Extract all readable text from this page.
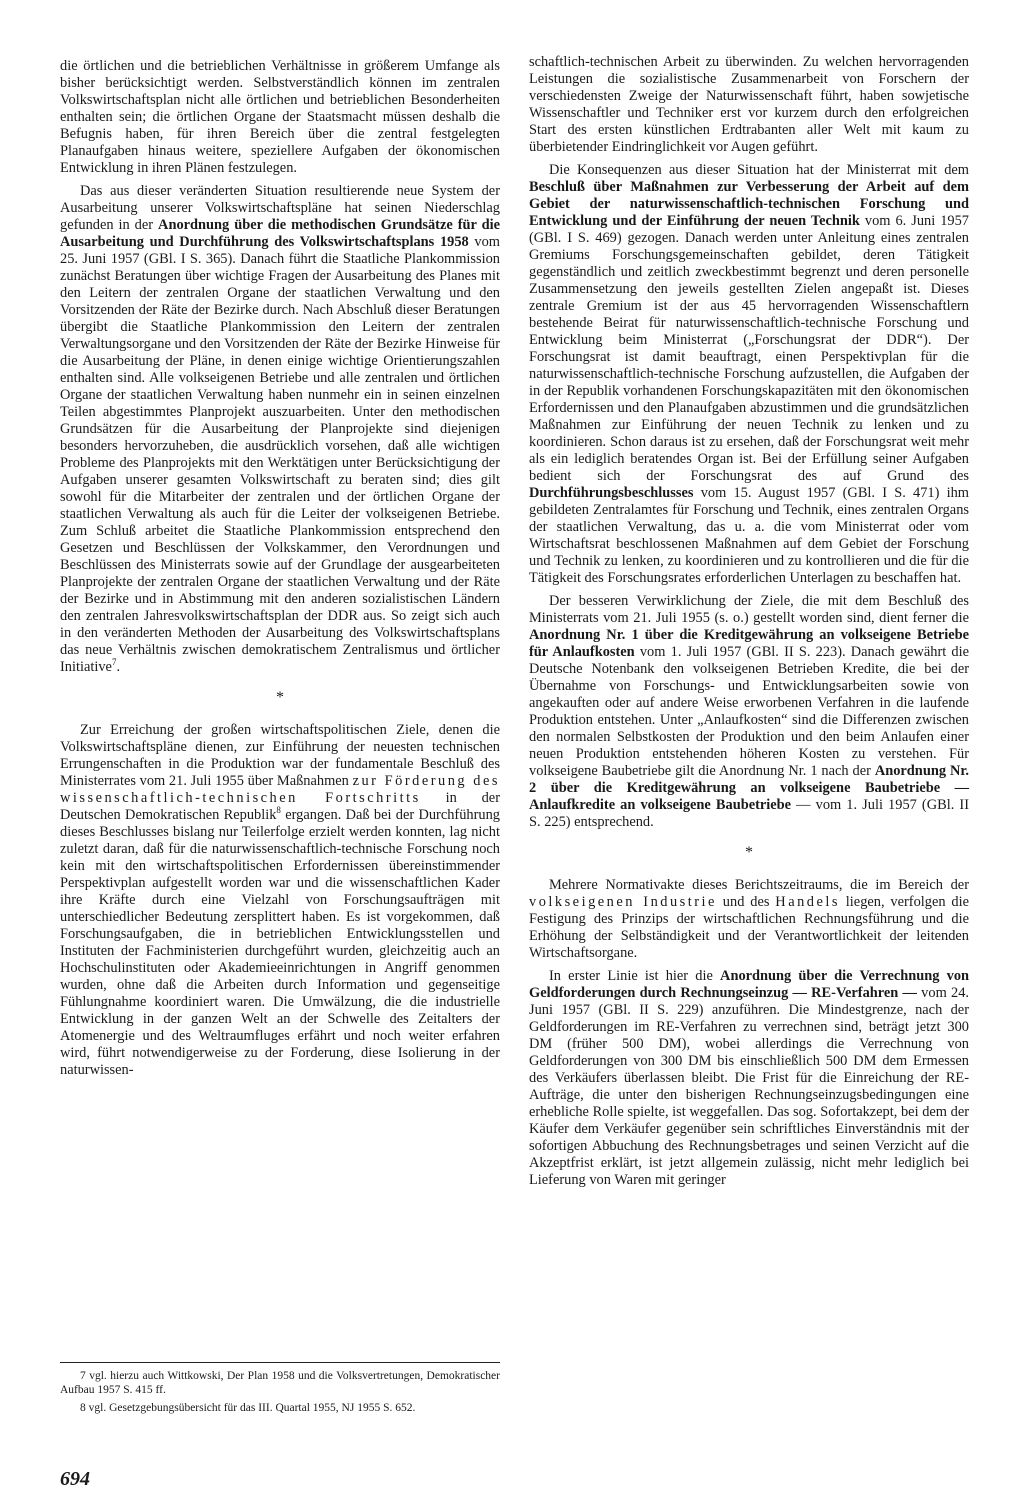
die örtlichen und die betrieblichen Verhältnisse in größerem Umfange als bisher berücksichtigt werden. Selbstverständlich können im zentralen Volkswirtschaftsplan nicht alle örtlichen und betrieblichen Besonderheiten enthalten sein; die örtlichen Organe der Staatsmacht müssen deshalb die Befugnis haben, für ihren Bereich über die zentral festgelegten Planaufgaben hinaus weitere, speziellere Aufgaben der ökonomischen Entwicklung in ihren Plänen festzulegen.

Das aus dieser veränderten Situation resultierende neue System der Ausarbeitung unserer Volkswirtschaftspläne hat seinen Niederschlag gefunden in der Anordnung über die methodischen Grundsätze für die Ausarbeitung und Durchführung des Volkswirtschaftsplans 1958 vom 25. Juni 1957 (GBl. I S. 365). Danach führt die Staatliche Plankommission zunächst Beratungen über wichtige Fragen der Ausarbeitung des Planes mit den Leitern der zentralen Organe der staatlichen Verwaltung und den Vorsitzenden der Räte der Bezirke durch. Nach Abschluß dieser Beratungen übergibt die Staatliche Plankommission den Leitern der zentralen Verwaltungsorgane und den Vorsitzenden der Räte der Bezirke Hinweise für die Ausarbeitung der Pläne, in denen einige wichtige Orientierungszahlen enthalten sind. Alle volkseigenen Betriebe und alle zentralen und örtlichen Organe der staatlichen Verwaltung haben nunmehr ein in seinen einzelnen Teilen abgestimmtes Planprojekt auszuarbeiten. Unter den methodischen Grundsätzen für die Ausarbeitung der Planprojekte sind diejenigen besonders hervorzuheben, die ausdrücklich vorsehen, daß alle wichtigen Probleme des Planprojekts mit den Werktätigen unter Berücksichtigung der Aufgaben unserer gesamten Volkswirtschaft zu beraten sind; dies gilt sowohl für die Mitarbeiter der zentralen und der örtlichen Organe der staatlichen Verwaltung als auch für die Leiter der volkseigenen Betriebe. Zum Schluß arbeitet die Staatliche Plankommission entsprechend den Gesetzen und Beschlüssen der Volkskammer, den Verordnungen und Beschlüssen des Ministerrats sowie auf der Grundlage der ausgearbeiteten Planprojekte der zentralen Organe der staatlichen Verwaltung und der Räte der Bezirke und in Abstimmung mit den anderen sozialistischen Ländern den zentralen Jahresvolkswirtschaftsplan der DDR aus. So zeigt sich auch in den veränderten Methoden der Ausarbeitung des Volkswirtschaftsplans das neue Verhältnis zwischen demokratischem Zentralismus und örtlicher Initiative$^7$.

*

Zur Erreichung der großen wirtschaftspolitischen Ziele, denen die Volkswirtschaftspläne dienen, zur Einführung der neuesten technischen Errungenschaften in die Produktion war der fundamentale Beschluß des Ministerrates vom 21. Juli 1955 über Maßnahmen zur Förderung des wissenschaftlich-technischen Fortschritts in der Deutschen Demokratischen Republik$^8$ ergangen. Daß bei der Durchführung dieses Beschlusses bislang nur Teilerfolge erzielt werden konnten, lag nicht zuletzt daran, daß für die naturwissenschaftlich-technische Forschung noch kein mit den wirtschaftspolitischen Erfordernissen übereinstimmender Perspektivplan aufgestellt worden war und die wissenschaftlichen Kader ihre Kräfte durch eine Vielzahl von Forschungsaufträgen mit unterschiedlicher Bedeutung zersplittert haben. Es ist vorgekommen, daß Forschungsaufgaben, die in betrieblichen Entwicklungsstellen und Instituten der Fachministerien durchgeführt wurden, gleichzeitig auch an Hochschulinstituten oder Akademieeinrichtungen in Angriff genommen wurden, ohne daß die Arbeiten durch Information und gegenseitige Fühlungnahme koordiniert waren. Die Umwälzung, die die industrielle Entwicklung in der ganzen Welt an der Schwelle des Zeitalters der Atomenergie und des Weltraumfluges erfährt und noch weiter erfahren wird, führt notwendigerweise zu der Forderung, diese Isolierung in der naturwissen-

schaftlich-technischen Arbeit zu überwinden. Zu welchen hervorragenden Leistungen die sozialistische Zusammenarbeit von Forschern der verschiedensten Zweige der Naturwissenschaft führt, haben sowjetische Wissenschaftler und Techniker erst vor kurzem durch den erfolgreichen Start des ersten künstlichen Erdtrabanten aller Welt mit kaum zu überbietender Eindringlichkeit vor Augen geführt.

Die Konsequenzen aus dieser Situation hat der Ministerrat mit dem Beschluß über Maßnahmen zur Verbesserung der Arbeit auf dem Gebiet der naturwissenschaftlich-technischen Forschung und Entwicklung und der Einführung der neuen Technik vom 6. Juni 1957 (GBl. I S. 469) gezogen. Danach werden unter Anleitung eines zentralen Gremiums Forschungsgemeinschaften gebildet, deren Tätigkeit gegenständlich und zeitlich zweckbestimmt begrenzt und deren personelle Zusammensetzung den jeweils gestellten Zielen angepaßt ist. Dieses zentrale Gremium ist der aus 45 hervorragenden Wissenschaftlern bestehende Beirat für naturwissenschaftlich-technische Forschung und Entwicklung beim Ministerrat („Forschungsrat der DDR“). Der Forschungsrat ist damit beauftragt, einen Perspektivplan für die naturwissenschaftlich-technische Forschung aufzustellen, die Aufgaben der in der Republik vorhandenen Forschungskapazitäten mit den ökonomischen Erfordernissen und den Planaufgaben abzustimmen und die grundsätzlichen Maßnahmen zur Einführung der neuen Technik zu lenken und zu koordinieren. Schon daraus ist zu ersehen, daß der Forschungsrat weit mehr als ein lediglich beratendes Organ ist. Bei der Erfüllung seiner Aufgaben bedient sich der Forschungsrat des auf Grund des Durchführungsbeschlusses vom 15. August 1957 (GBl. I S. 471) ihm gebildeten Zentralamtes für Forschung und Technik, eines zentralen Organs der staatlichen Verwaltung, das u. a. die vom Ministerrat oder vom Wirtschaftsrat beschlossenen Maßnahmen auf dem Gebiet der Forschung und Technik zu lenken, zu koordinieren und zu kontrollieren und die für die Tätigkeit des Forschungsrates erforderlichen Unterlagen zu beschaffen hat.

Der besseren Verwirklichung der Ziele, die mit dem Beschluß des Ministerrats vom 21. Juli 1955 (s. o.) gestellt worden sind, dient ferner die Anordnung Nr. 1 über die Kreditgewährung an volkseigene Betriebe für Anlaufkosten vom 1. Juli 1957 (GBl. II S. 223). Danach gewährt die Deutsche Notenbank den volkseigenen Betrieben Kredite, die bei der Übernahme von Forschungs- und Entwicklungsarbeiten sowie von angekauften oder auf andere Weise erworbenen Verfahren in die laufende Produktion entstehen. Unter „Anlaufkosten“ sind die Differenzen zwischen den normalen Selbstkosten der Produktion und den beim Anlaufen einer neuen Produktion entstehenden höheren Kosten zu verstehen. Für volkseigene Baubetriebe gilt die Anordnung Nr. 1 nach der Anordnung Nr. 2 über die Kreditgewährung an volkseigene Baubetriebe — Anlaufkredite an volkseigene Baubetriebe — vom 1. Juli 1957 (GBl. II S. 225) entsprechend.

*

Mehrere Normativakte dieses Berichtszeitraums, die im Bereich der volkseigenen Industrie und des Handels liegen, verfolgen die Festigung des Prinzips der wirtschaftlichen Rechnungsführung und die Erhöhung der Selbständigkeit und der Verantwortlichkeit der leitenden Wirtschaftsorgane.

In erster Linie ist hier die Anordnung über die Verrechnung von Geldforderungen durch Rechnungseinzug — RE-Verfahren — vom 24. Juni 1957 (GBl. II S. 229) anzuführen. Die Mindestgrenze, nach der Geldforderungen im RE-Verfahren zu verrechnen sind, beträgt jetzt 300 DM (früher 500 DM), wobei allerdings die Verrechnung von Geldforderungen von 300 DM bis einschließlich 500 DM dem Ermessen des Verkäufers überlassen bleibt. Die Frist für die Einreichung der RE-Aufträge, die unter den bisherigen Rechnungseinzugsbedingungen eine erhebliche Rolle spielte, ist weggefallen. Das sog. Sofortakzept, bei dem der Käufer dem Verkäufer gegenüber sein schriftliches Einverständnis mit der sofortigen Abbuchung des Rechnungsbetrages und seinen Verzicht auf die Akzeptfrist erklärt, ist jetzt allgemein zulässig, nicht mehr lediglich bei Lieferung von Waren mit geringer

7 vgl. hierzu auch Wittkowski, Der Plan 1958 und die Volksvertretungen, Demokratischer Aufbau 1957 S. 415 ff.

8 vgl. Gesetzgebungsübersicht für das III. Quartal 1955, NJ 1955 S. 652.

694
